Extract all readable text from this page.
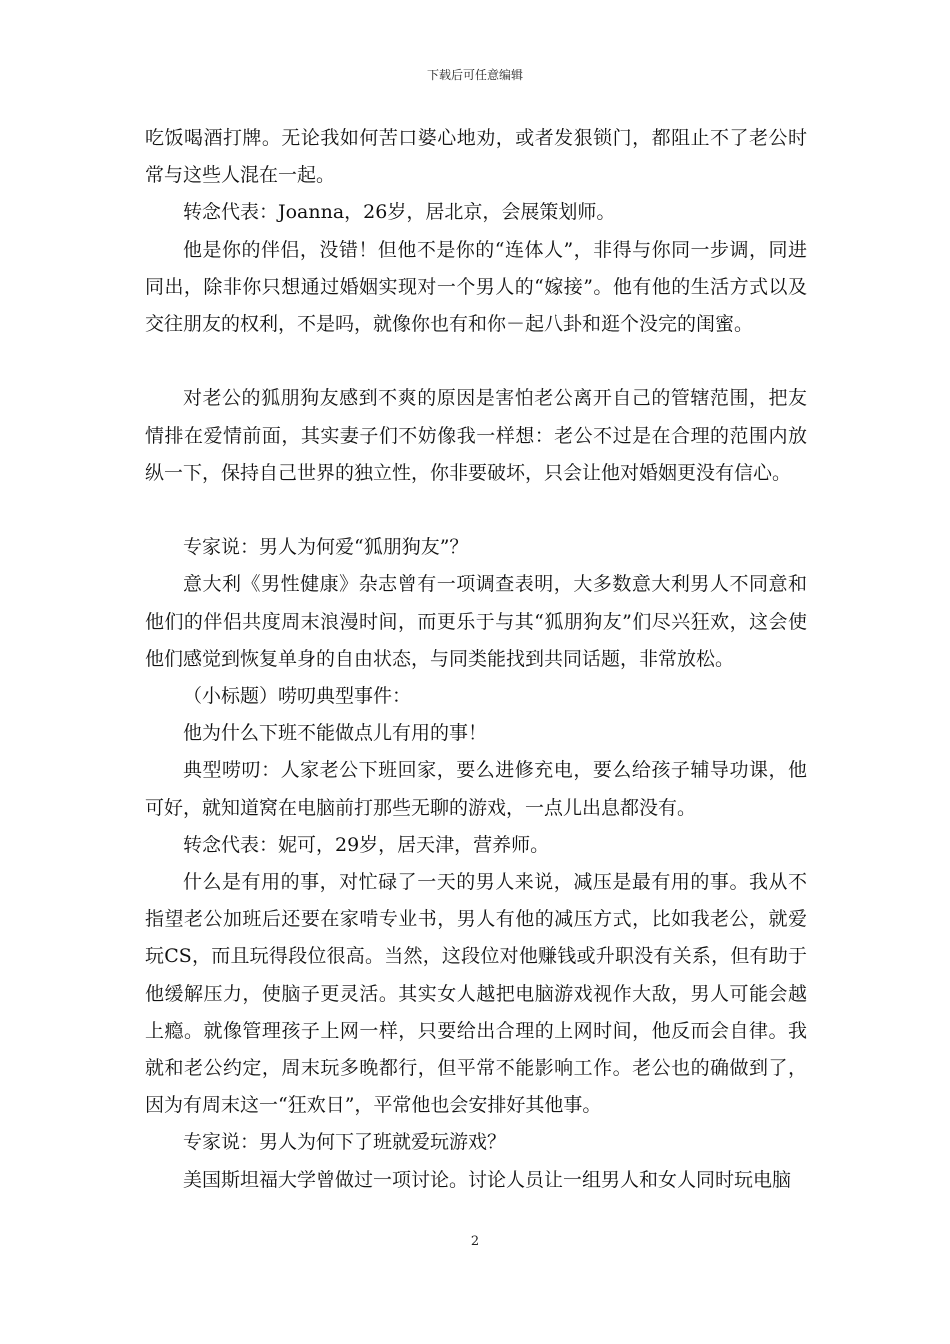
下载后可任意编辑

吃饭喝酒打牌。无论我如何苦口婆心地劝，或者发狠锁门，都阻止不了老公时常与这些人混在一起。

转念代表：Joanna，26岁，居北京，会展策划师。

他是你的伴侣，没错！但他不是你的“连体人”，非得与你同一步调，同进同出，除非你只想通过婚姻实现对一个男人的“嫁接”。他有他的生活方式以及交往朋友的权利，不是吗，就像你也有和你－起八卦和逛个没完的闺蜜。

对老公的狐朋狗友感到不爽的原因是害怕老公离开自己的管辖范围，把友情排在爱情前面，其实妻子们不妨像我一样想：老公不过是在合理的范围内放纵一下，保持自己世界的独立性，你非要破坏，只会让他对婚姻更没有信心。

专家说：男人为何爱“狐朋狗友”？

意大利《男性健康》杂志曾有一项调查表明，大多数意大利男人不同意和他们的伴侣共度周末浪漫时间，而更乐于与其“狐朋狗友”们尽兴狂欢，这会使他们感觉到恢复单身的自由状态，与同类能找到共同话题，非常放松。

（小标题）唠叨典型事件：

他为什么下班不能做点儿有用的事！

典型唠叨：人家老公下班回家，要么进修充电，要么给孩子辅导功课，他可好，就知道窝在电脑前打那些无聊的游戏，一点儿出息都没有。

转念代表：妮可，29岁，居天津，营养师。

什么是有用的事，对忙碌了一天的男人来说，减压是最有用的事。我从不指望老公加班后还要在家啃专业书，男人有他的减压方式，比如我老公，就爱玩CS，而且玩得段位很高。当然，这段位对他赚钱或升职没有关系，但有助于他缓解压力，使脑子更灵活。其实女人越把电脑游戏视作大敌，男人可能会越上瘾。就像管理孩子上网一样，只要给出合理的上网时间，他反而会自律。我就和老公约定，周末玩多晚都行，但平常不能影响工作。老公也的确做到了，因为有周末这一“狂欢日”，平常他也会安排好其他事。

专家说：男人为何下了班就爱玩游戏？

美国斯坦福大学曾做过一项讨论。讨论人员让一组男人和女人同时玩电脑

2
